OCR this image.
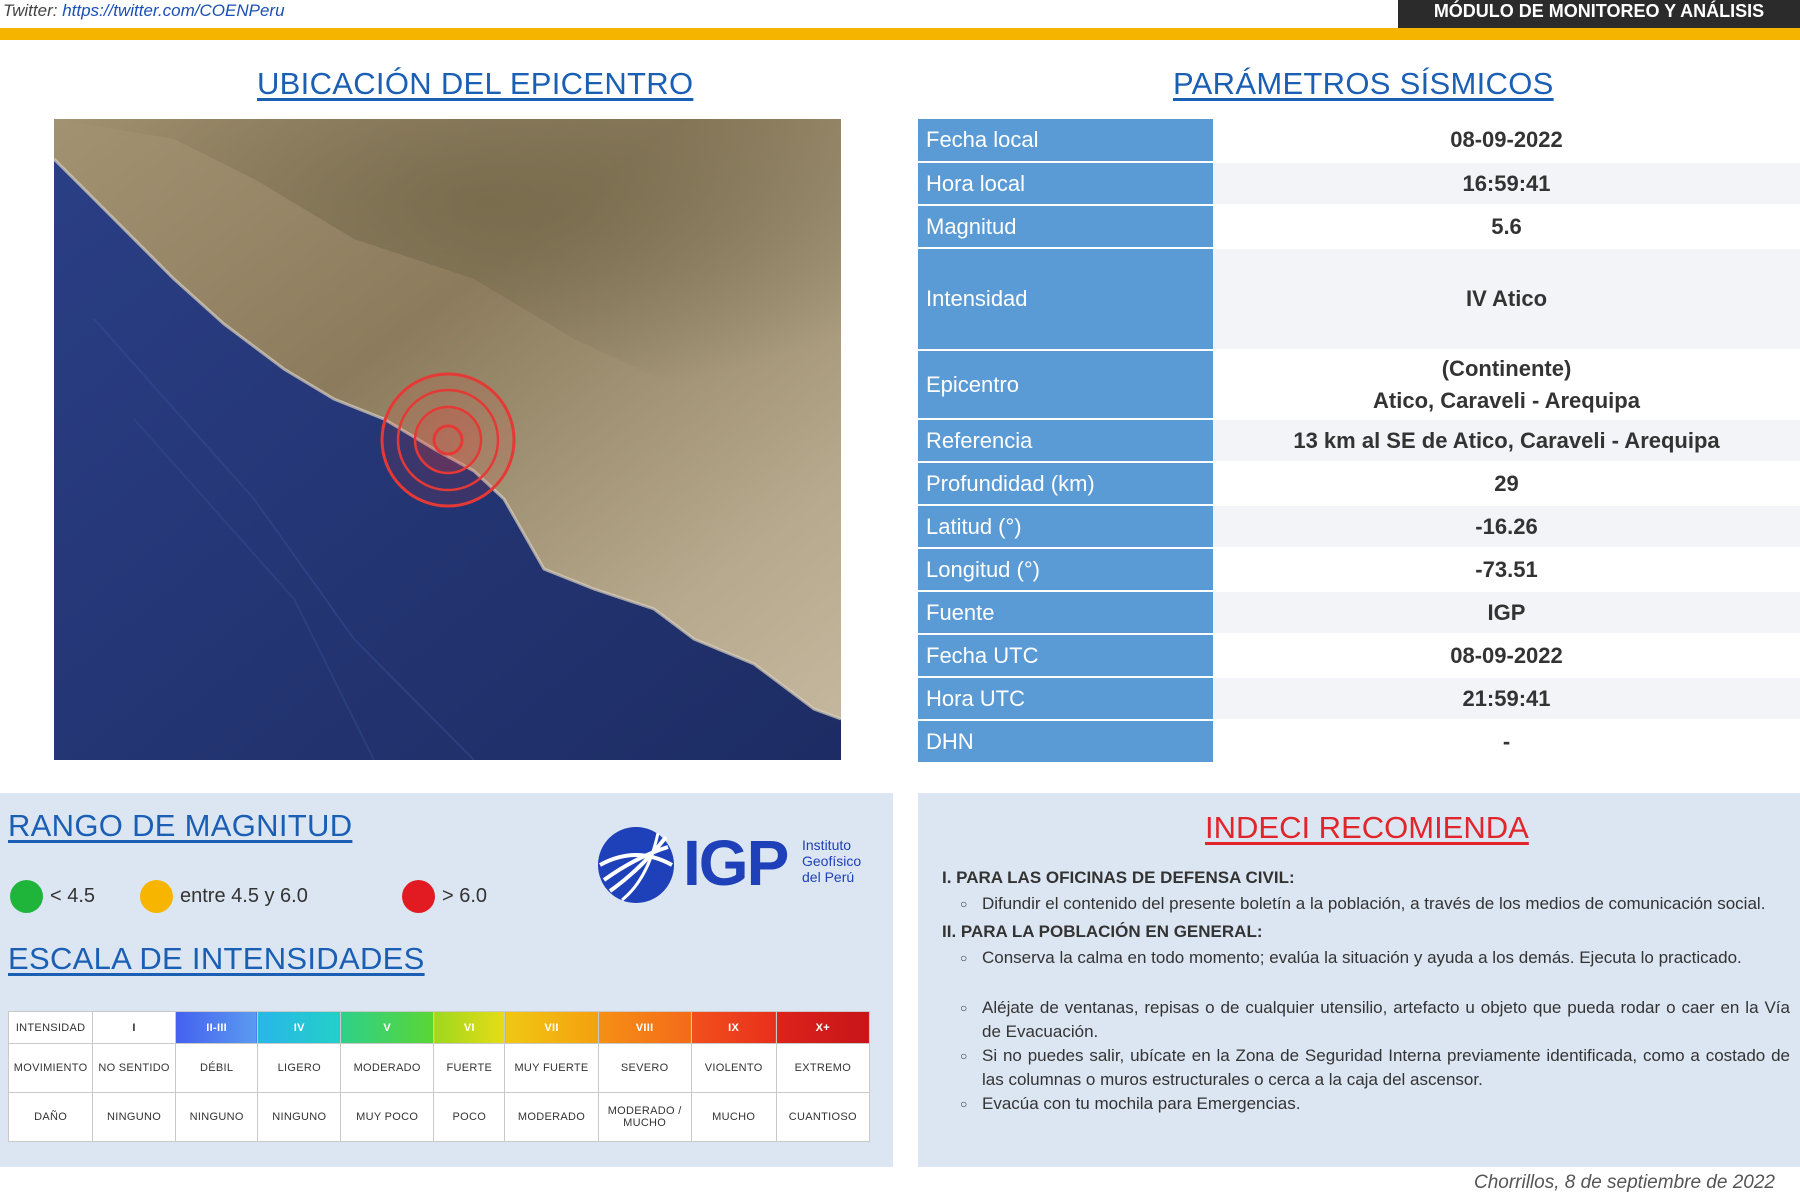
Twitter: https://twitter.com/COENPeru	MÓDULO DE MONITOREO Y ANÁLISIS
UBICACIÓN DEL EPICENTRO	PARÁMETROS SÍSMICOS
Fecha local	08-09-2022
Hora local	16:59:41
Magnitud	5.6
Intensidad	IV Atico
Epicentro	(Continente)
Atico, Caraveli - Arequipa

Referencia	13 km al SE de Atico, Caraveli - Arequipa
Profundidad (km)	29
Latitud (°)	-16.26
Longitud (°)	-73.51
Fuente	IGP
Fecha UTC	08-09-2022
Hora UTC	21:59:41
DHN	-
RANGO DE MAGNITUD
< 4.5	entre 4.5 y 6.0	> 6.0	IGP Instituto
Geofísico
del Perú
ESCALA DE INTENSIDADES
INTENSIDAD	I	II-III	IV	V	VI	VII	VIII	IX	X+
MOVIMIENTO	NO SENTIDO	DÉBIL	LIGERO	MODERADO	FUERTE	MUY FUERTE	SEVERO	VIOLENTO	EXTREMO
DAÑO	NINGUNO	NINGUNO	NINGUNO	MUY POCO	POCO	MODERADO	MODERADO / MUCHO	MUCHO	CUANTIOSO
INDECI RECOMIENDA
I. PARA LAS OFICINAS DE DEFENSA CIVIL:
○ Difundir el contenido del presente boletín a la población, a través de los medios de comunicación social.
II. PARA LA POBLACIÓN EN GENERAL:
○ Conserva la calma en todo momento; evalúa la situación y ayuda a los demás. Ejecuta lo practicado.
○ Aléjate de ventanas, repisas o de cualquier utensilio, artefacto u objeto que pueda rodar o caer en la Vía de Evacuación.
○ Si no puedes salir, ubícate en la Zona de Seguridad Interna previamente identificada, como a costado de las columnas o muros estructurales o cerca a la caja del ascensor.
○ Evacúa con tu mochila para Emergencias.
Chorrillos, 8 de septiembre de 2022
